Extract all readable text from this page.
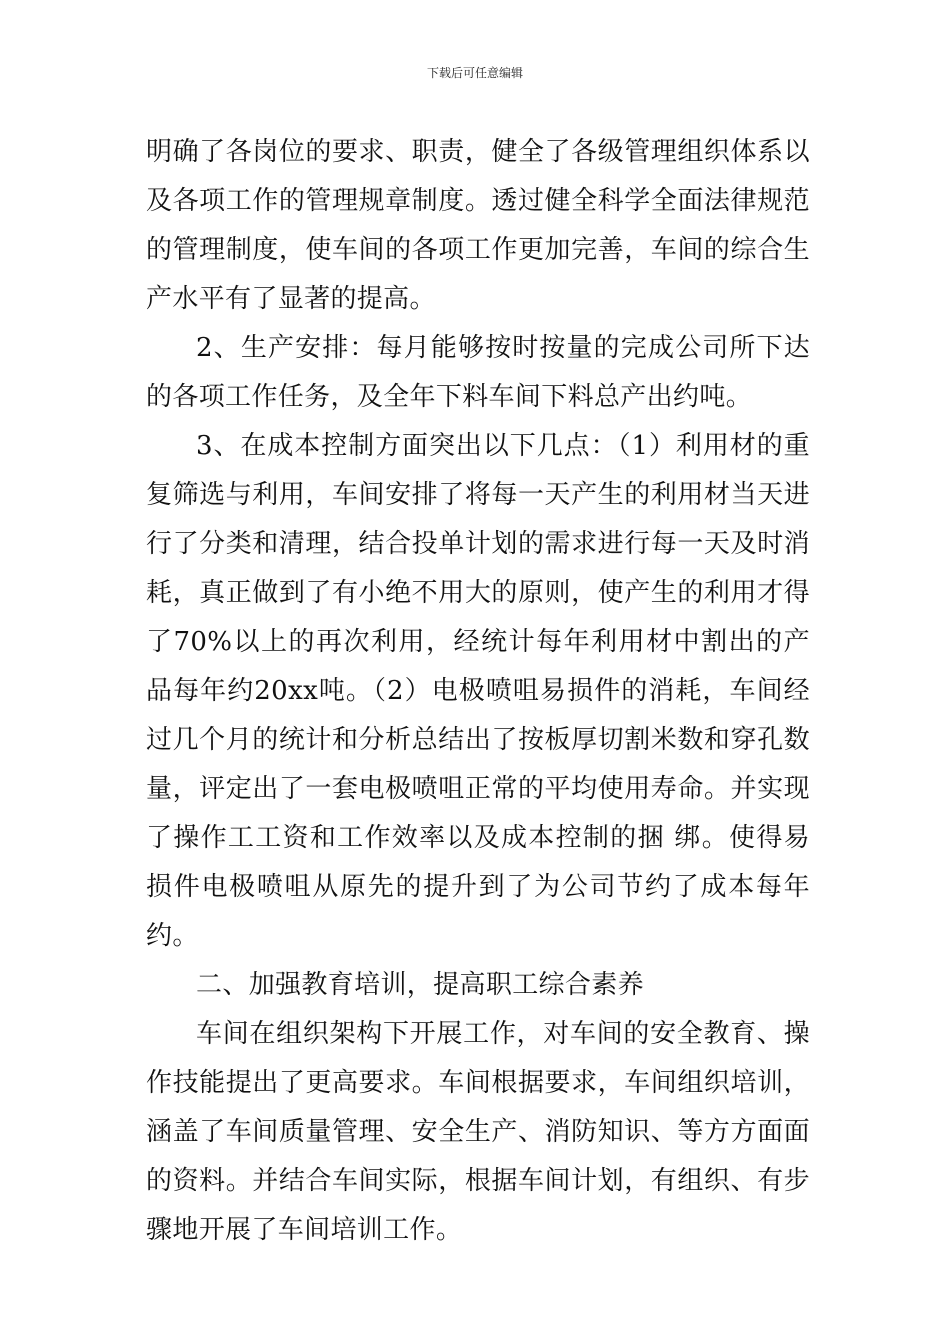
下载后可任意编辑

明确了各岗位的要求、职责，健全了各级管理组织体系以及各项工作的管理规章制度。透过健全科学全面法律规范的管理制度，使车间的各项工作更加完善，车间的综合生产水平有了显著的提高。

2、生产安排：每月能够按时按量的完成公司所下达的各项工作任务，及全年下料车间下料总产出约吨。

3、在成本控制方面突出以下几点：（1）利用材的重复筛选与利用，车间安排了将每一天产生的利用材当天进行了分类和清理，结合投单计划的需求进行每一天及时消耗，真正做到了有小绝不用大的原则，使产生的利用才得了70%以上的再次利用，经统计每年利用材中割出的产品每年约20xx吨。（2）电极喷咀易损件的消耗，车间经过几个月的统计和分析总结出了按板厚切割米数和穿孔数量，评定出了一套电极喷咀正常的平均使用寿命。并实现了操作工工资和工作效率以及成本控制的捆 绑。使得易损件电极喷咀从原先的提升到了为公司节约了成本每年约。

二、加强教育培训，提高职工综合素养

车间在组织架构下开展工作，对车间的安全教育、操作技能提出了更高要求。车间根据要求，车间组织培训，涵盖了车间质量管理、安全生产、消防知识、等方方面面的资料。并结合车间实际，根据车间计划，有组织、有步骤地开展了车间培训工作。
